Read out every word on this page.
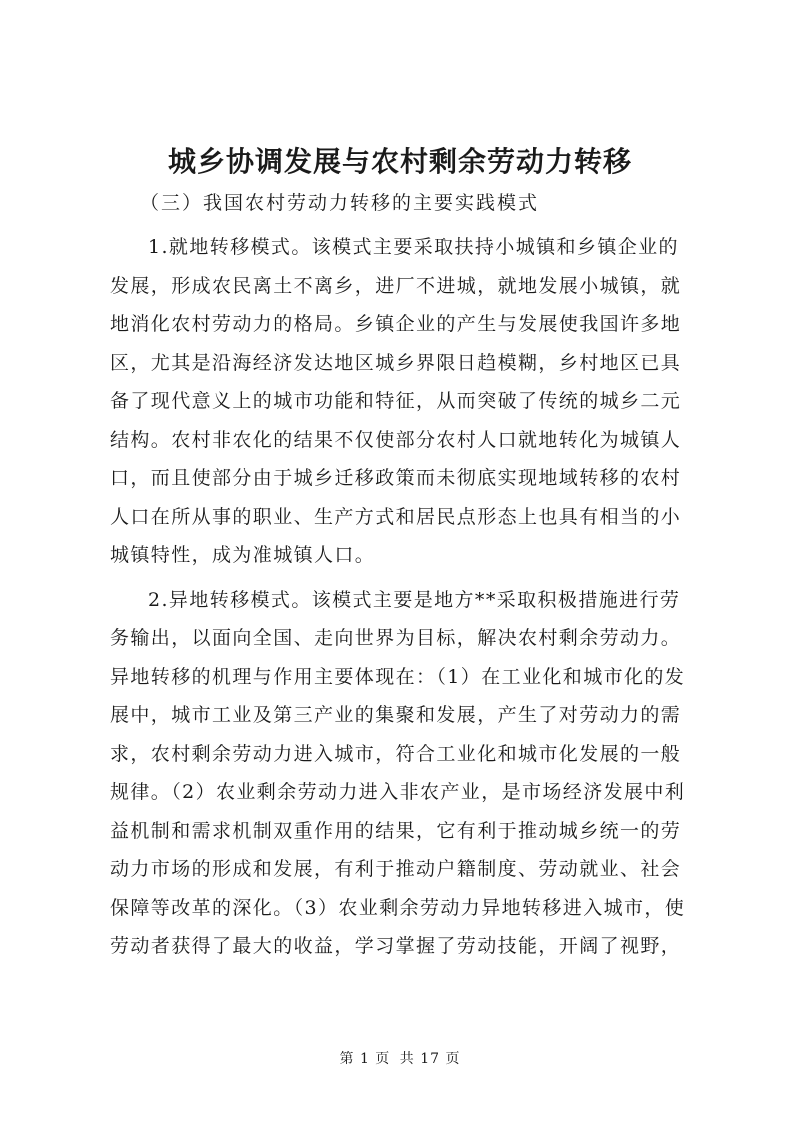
城乡协调发展与农村剩余劳动力转移

（三）我国农村劳动力转移的主要实践模式

1.就地转移模式。该模式主要采取扶持小城镇和乡镇企业的
发展，形成农民离土不离乡，进厂不进城，就地发展小城镇，就
地消化农村劳动力的格局。乡镇企业的产生与发展使我国许多地
区，尤其是沿海经济发达地区城乡界限日趋模糊，乡村地区已具
备了现代意义上的城市功能和特征，从而突破了传统的城乡二元
结构。农村非农化的结果不仅使部分农村人口就地转化为城镇人
口，而且使部分由于城乡迁移政策而未彻底实现地域转移的农村
人口在所从事的职业、生产方式和居民点形态上也具有相当的小
城镇特性，成为准城镇人口。

2.异地转移模式。该模式主要是地方**采取积极措施进行劳
务输出，以面向全国、走向世界为目标，解决农村剩余劳动力。
异地转移的机理与作用主要体现在：（1）在工业化和城市化的发
展中，城市工业及第三产业的集聚和发展，产生了对劳动力的需
求，农村剩余劳动力进入城市，符合工业化和城市化发展的一般
规律。（2）农业剩余劳动力进入非农产业，是市场经济发展中利
益机制和需求机制双重作用的结果，它有利于推动城乡统一的劳
动力市场的形成和发展，有利于推动户籍制度、劳动就业、社会
保障等改革的深化。（3）农业剩余劳动力异地转移进入城市，使
劳动者获得了最大的收益，学习掌握了劳动技能，开阔了视野，

第 1 页 共 17 页
